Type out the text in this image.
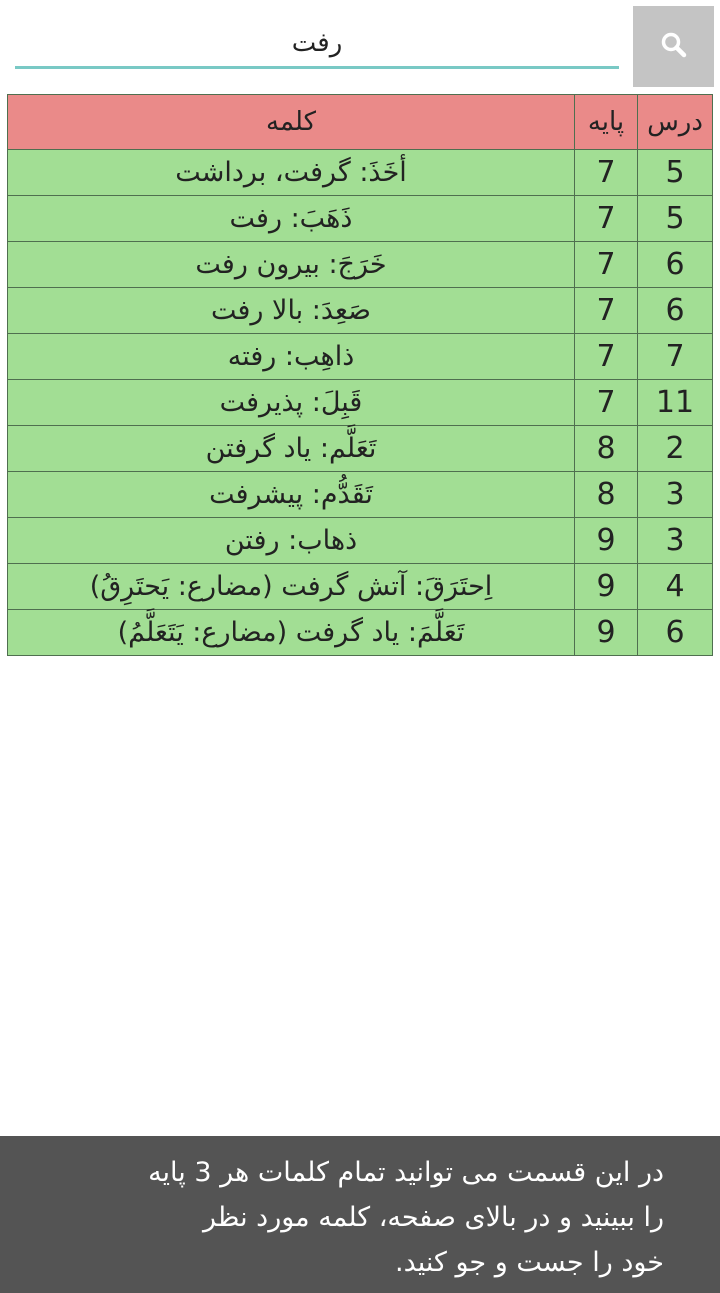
رفت
درس	پایه	کلمه
5	7	أخَذَ: گرفت، برداشت
5	7	ذَهَبَ: رفت
6	7	خَرَجَ: بیرون رفت
6	7	صَعِدَ: بالا رفت
7	7	ذاهِب: رفته
11	7	قَبِلَ: پذیرفت
2	8	تَعَلَّم: یاد گرفتن
3	8	تَقَدُّم: پیشرفت
3	9	ذهاب: رفتن
4	9	اِحتَرَقَ: آتش گرفت (مضارع: یَحتَرِقُ)
6	9	تَعَلَّمَ: یاد گرفت (مضارع: یَتَعَلَّمُ)
در این قسمت می توانید تمام کلمات هر 3 پایه
را ببینید و در بالای صفحه، کلمه مورد نظر
خود را جست و جو کنید.
